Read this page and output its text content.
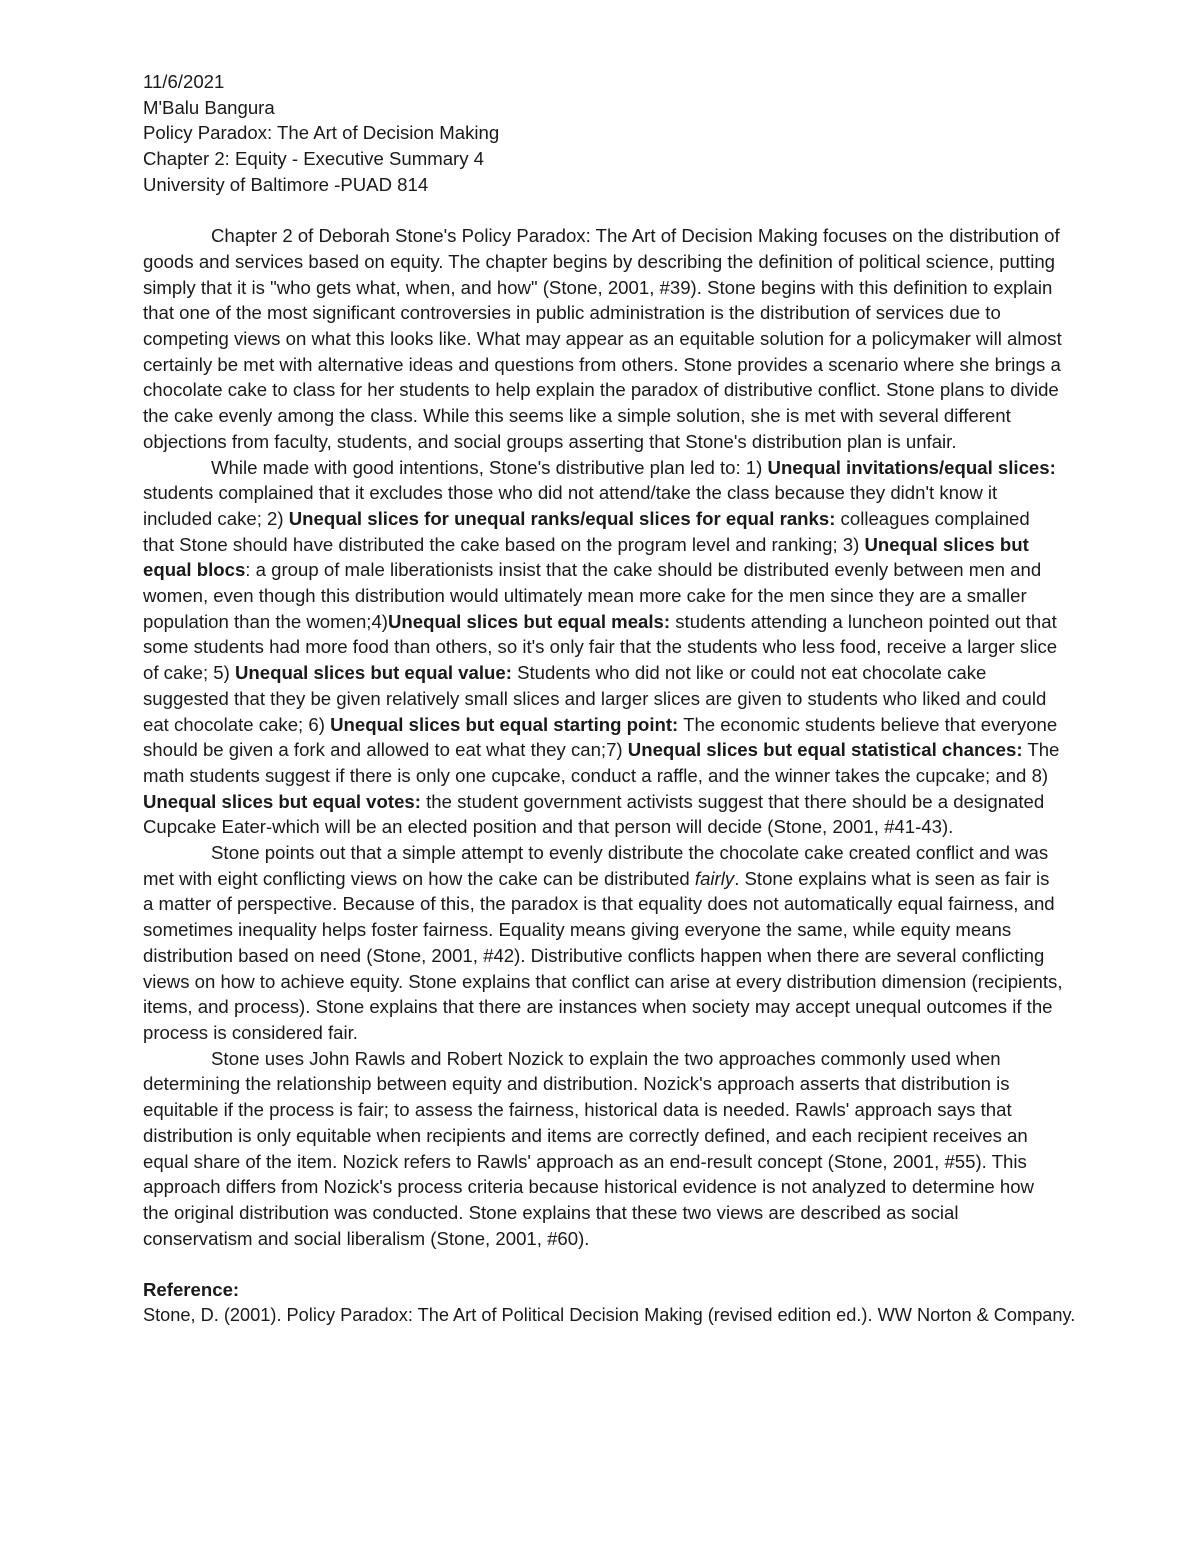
11/6/2021

M'Balu Bangura

Policy Paradox: The Art of Decision Making

Chapter 2: Equity - Executive Summary 4

University of Baltimore -PUAD 814

Chapter 2 of Deborah Stone's Policy Paradox: The Art of Decision Making focuses on the distribution of goods and services based on equity. The chapter begins by describing the definition of political science, putting simply that it is "who gets what, when, and how" (Stone, 2001, #39). Stone begins with this definition to explain that one of the most significant controversies in public administration is the distribution of services due to competing views on what this looks like. What may appear as an equitable solution for a policymaker will almost certainly be met with alternative ideas and questions from others. Stone provides a scenario where she brings a chocolate cake to class for her students to help explain the paradox of distributive conflict. Stone plans to divide the cake evenly among the class. While this seems like a simple solution, she is met with several different objections from faculty, students, and social groups asserting that Stone's distribution plan is unfair.

While made with good intentions, Stone's distributive plan led to: 1) Unequal invitations/equal slices: students complained that it excludes those who did not attend/take the class because they didn't know it included cake; 2) Unequal slices for unequal ranks/equal slices for equal ranks: colleagues complained that Stone should have distributed the cake based on the program level and ranking; 3) Unequal slices but equal blocs: a group of male liberationists insist that the cake should be distributed evenly between men and women, even though this distribution would ultimately mean more cake for the men since they are a smaller population than the women;4)Unequal slices but equal meals: students attending a luncheon pointed out that some students had more food than others, so it's only fair that the students who less food, receive a larger slice of cake; 5) Unequal slices but equal value: Students who did not like or could not eat chocolate cake suggested that they be given relatively small slices and larger slices are given to students who liked and could eat chocolate cake; 6) Unequal slices but equal starting point: The economic students believe that everyone should be given a fork and allowed to eat what they can;7) Unequal slices but equal statistical chances: The math students suggest if there is only one cupcake, conduct a raffle, and the winner takes the cupcake; and 8) Unequal slices but equal votes: the student government activists suggest that there should be a designated Cupcake Eater-which will be an elected position and that person will decide (Stone, 2001, #41-43).

Stone points out that a simple attempt to evenly distribute the chocolate cake created conflict and was met with eight conflicting views on how the cake can be distributed fairly. Stone explains what is seen as fair is a matter of perspective. Because of this, the paradox is that equality does not automatically equal fairness, and sometimes inequality helps foster fairness. Equality means giving everyone the same, while equity means distribution based on need (Stone, 2001, #42). Distributive conflicts happen when there are several conflicting views on how to achieve equity. Stone explains that conflict can arise at every distribution dimension (recipients, items, and process). Stone explains that there are instances when society may accept unequal outcomes if the process is considered fair.

Stone uses John Rawls and Robert Nozick to explain the two approaches commonly used when determining the relationship between equity and distribution. Nozick's approach asserts that distribution is equitable if the process is fair; to assess the fairness, historical data is needed. Rawls' approach says that distribution is only equitable when recipients and items are correctly defined, and each recipient receives an equal share of the item. Nozick refers to Rawls' approach as an end-result concept (Stone, 2001, #55). This approach differs from Nozick's process criteria because historical evidence is not analyzed to determine how the original distribution was conducted. Stone explains that these two views are described as social conservatism and social liberalism (Stone, 2001, #60).

Reference:

Stone, D. (2001). Policy Paradox: The Art of Political Decision Making (revised edition ed.). WW Norton & Company.
